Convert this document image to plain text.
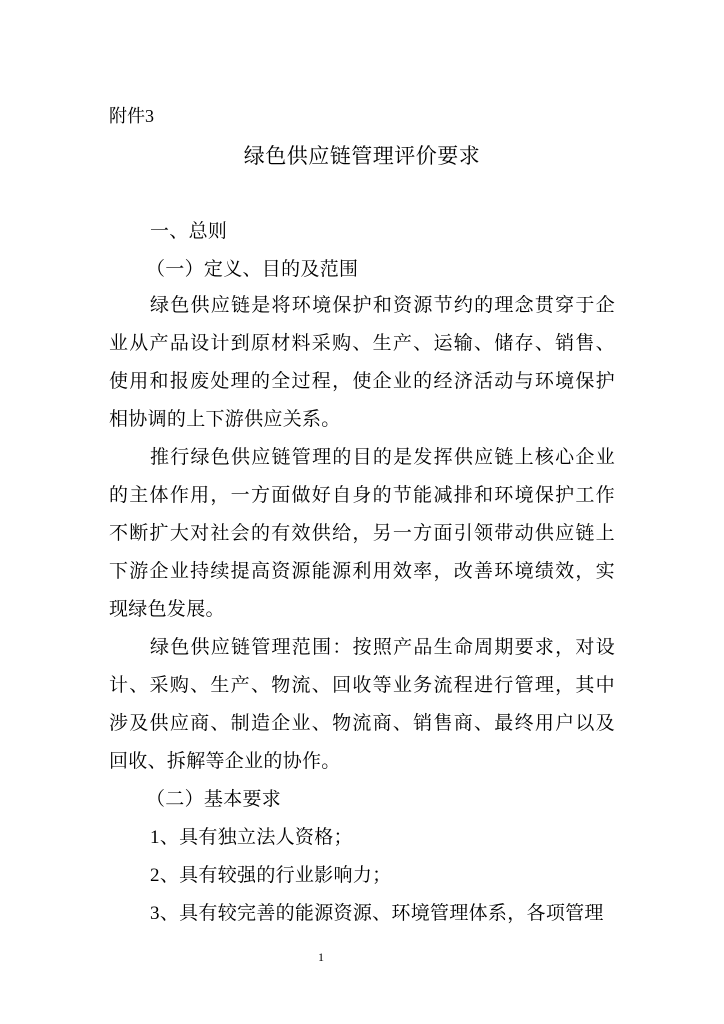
附件3
绿色供应链管理评价要求
一、总则
（一）定义、目的及范围
绿色供应链是将环境保护和资源节约的理念贯穿于企
业从产品设计到原材料采购、生产、运输、储存、销售、
使用和报废处理的全过程，使企业的经济活动与环境保护
相协调的上下游供应关系。
推行绿色供应链管理的目的是发挥供应链上核心企业
的主体作用，一方面做好自身的节能减排和环境保护工作
不断扩大对社会的有效供给，另一方面引领带动供应链上
下游企业持续提高资源能源利用效率，改善环境绩效，实
现绿色发展。
绿色供应链管理范围：按照产品生命周期要求，对设
计、采购、生产、物流、回收等业务流程进行管理，其中
涉及供应商、制造企业、物流商、销售商、最终用户以及
回收、拆解等企业的协作。
（二）基本要求
1、具有独立法人资格；
2、具有较强的行业影响力；
3、具有较完善的能源资源、环境管理体系，各项管理
1
